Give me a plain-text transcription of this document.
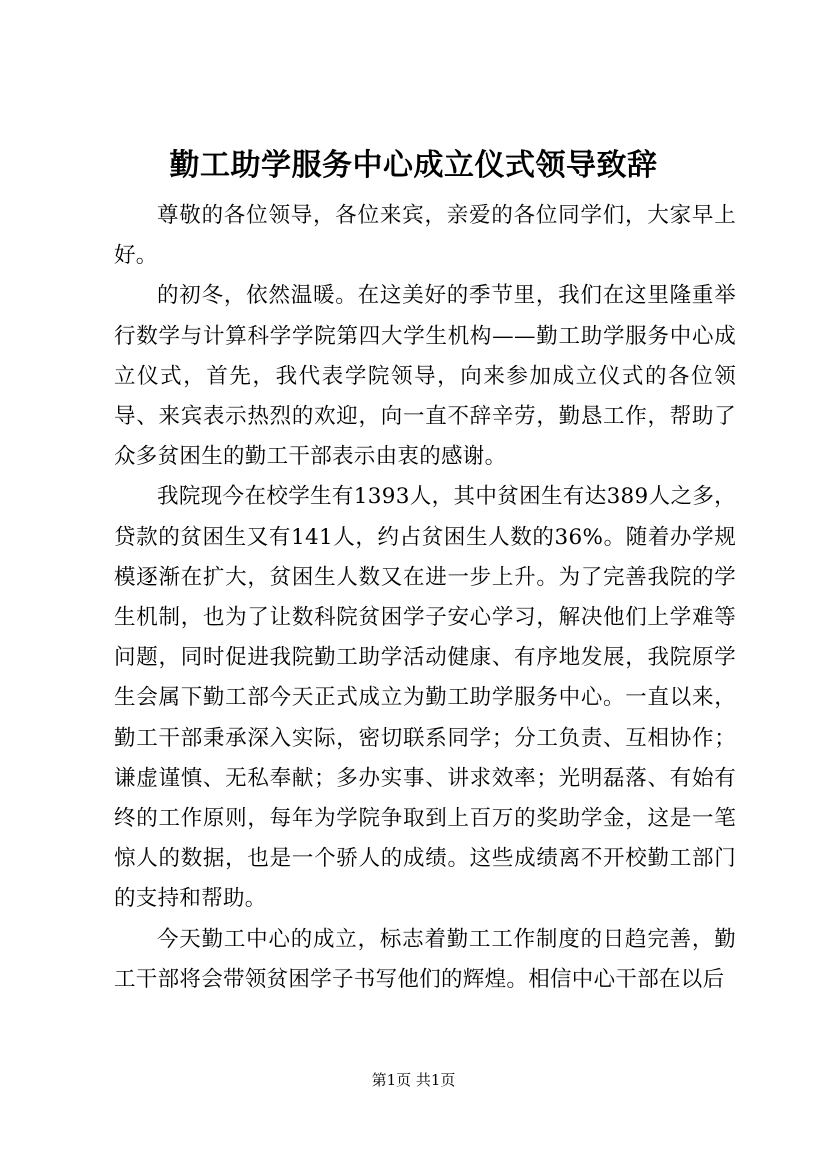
勤工助学服务中心成立仪式领导致辞

尊敬的各位领导，各位来宾，亲爱的各位同学们，大家早上好。

的初冬，依然温暖。在这美好的季节里，我们在这里隆重举行数学与计算科学学院第四大学生机构——勤工助学服务中心成立仪式，首先，我代表学院领导，向来参加成立仪式的各位领导、来宾表示热烈的欢迎，向一直不辞辛劳，勤恳工作，帮助了众多贫困生的勤工干部表示由衷的感谢。

我院现今在校学生有1393人，其中贫困生有达389人之多，贷款的贫困生又有141人，约占贫困生人数的36%。随着办学规模逐渐在扩大，贫困生人数又在进一步上升。为了完善我院的学生机制，也为了让数科院贫困学子安心学习，解决他们上学难等问题，同时促进我院勤工助学活动健康、有序地发展，我院原学生会属下勤工部今天正式成立为勤工助学服务中心。一直以来，勤工干部秉承深入实际，密切联系同学；分工负责、互相协作；谦虚谨慎、无私奉献；多办实事、讲求效率；光明磊落、有始有终的工作原则，每年为学院争取到上百万的奖助学金，这是一笔惊人的数据，也是一个骄人的成绩。这些成绩离不开校勤工部门的支持和帮助。

今天勤工中心的成立，标志着勤工工作制度的日趋完善，勤工干部将会带领贫困学子书写他们的辉煌。相信中心干部在以后

第1页 共1页
